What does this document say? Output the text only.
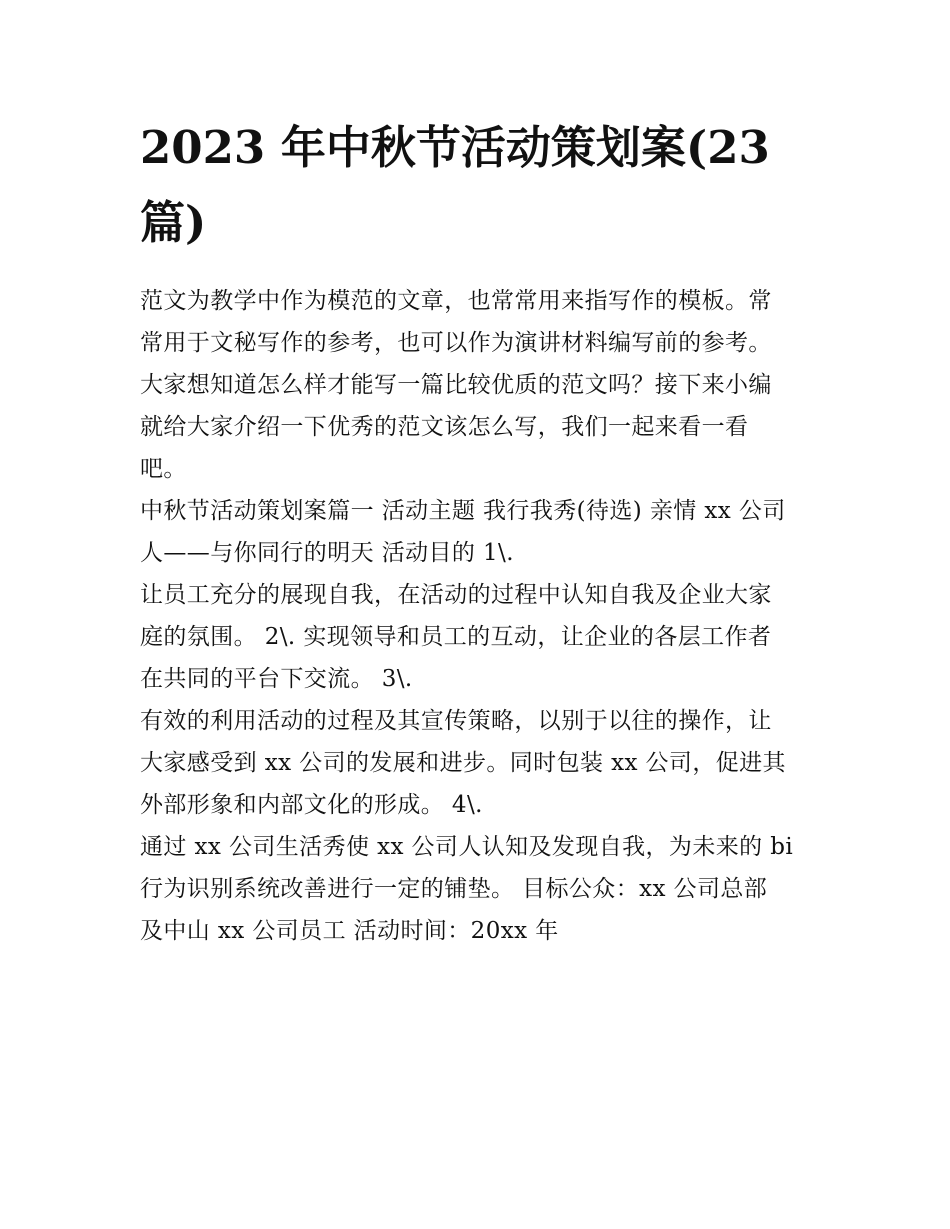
2023 年中秋节活动策划案(23
篇)

范文为教学中作为模范的文章，也常常用来指写作的模板。常
常用于文秘写作的参考，也可以作为演讲材料编写前的参考。
大家想知道怎么样才能写一篇比较优质的范文吗？接下来小编
就给大家介绍一下优秀的范文该怎么写，我们一起来看一看
吧。

中秋节活动策划案篇一 活动主题 我行我秀(待选) 亲情 xx 公司
人——与你同行的明天 活动目的 1\.

让员工充分的展现自我，在活动的过程中认知自我及企业大家
庭的氛围。 2\. 实现领导和员工的互动，让企业的各层工作者
在共同的平台下交流。 3\.

有效的利用活动的过程及其宣传策略，以别于以往的操作，让
大家感受到 xx 公司的发展和进步。同时包装 xx 公司，促进其
外部形象和内部文化的形成。 4\.

通过 xx 公司生活秀使 xx 公司人认知及发现自我，为未来的 bi
行为识别系统改善进行一定的铺垫。 目标公众：xx 公司总部
及中山 xx 公司员工 活动时间：20xx 年
